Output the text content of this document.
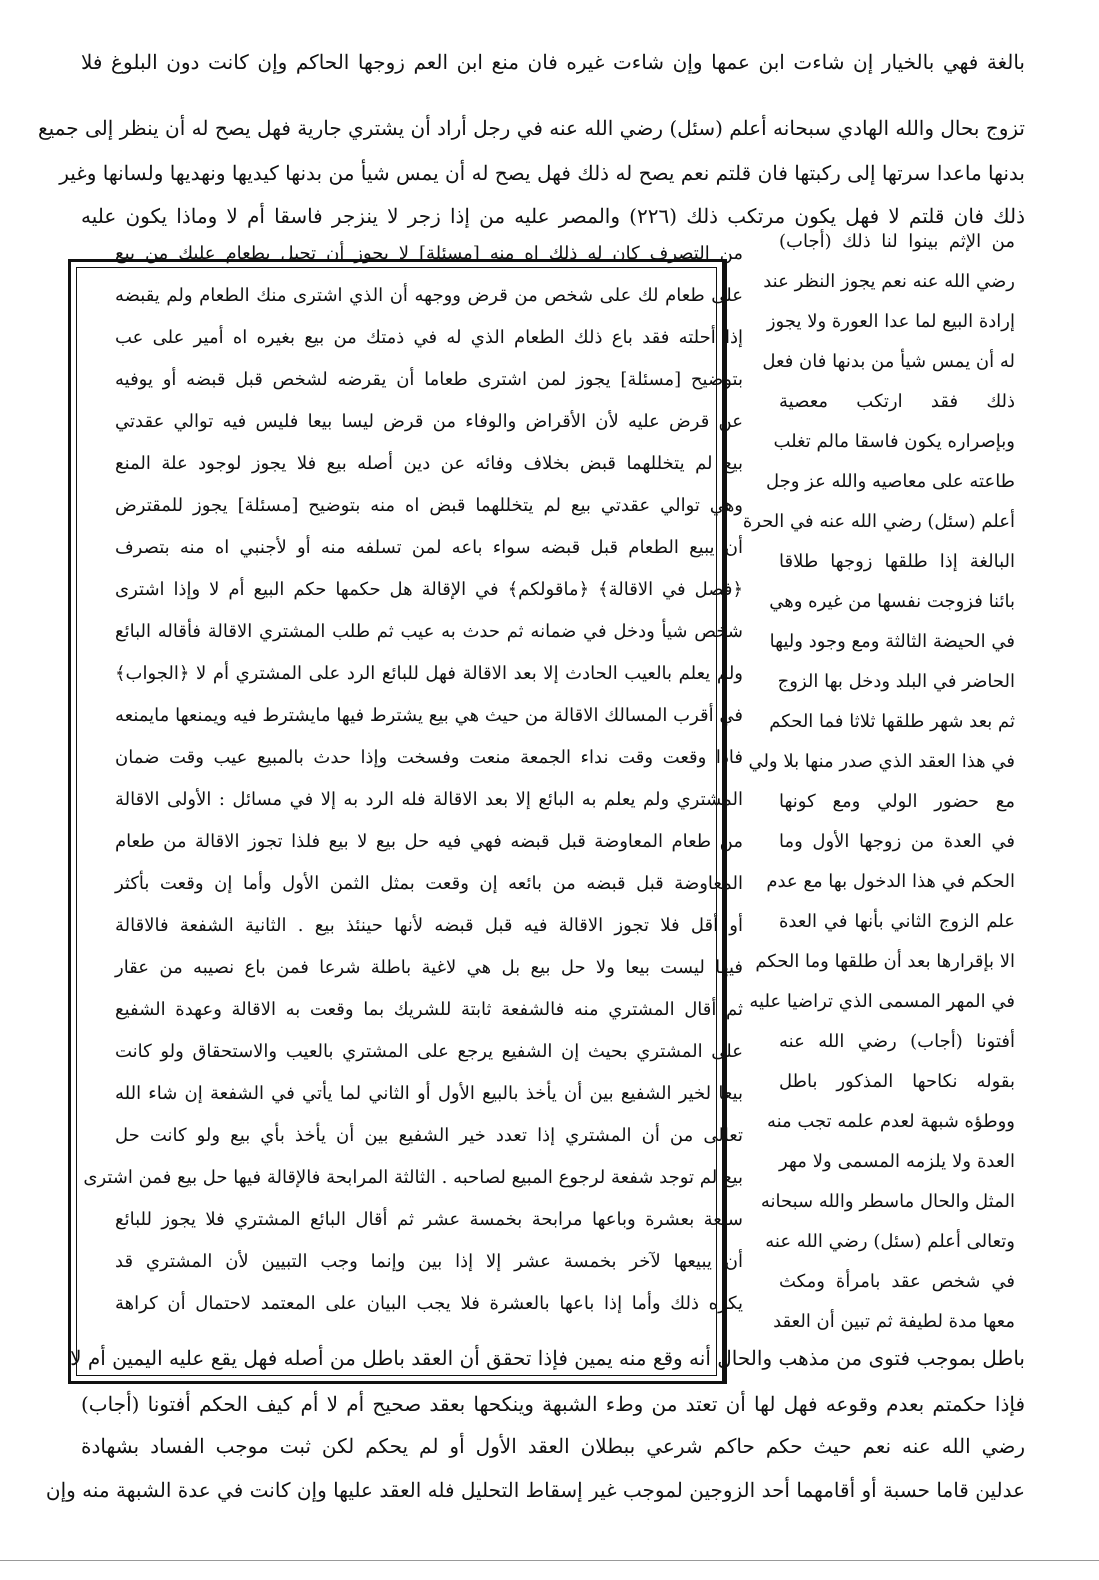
بالغة فهي بالخيار إن شاءت ابن عمها وإن شاءت غيره فان منع ابن العم زوجها الحاكم وإن كانت دون البلوغ فلا
تزوج بحال والله الهادي سبحانه أعلم (سئل) رضي الله عنه في رجل أراد أن يشتري جارية فهل يصح له أن ينظر إلى جميع
بدنها ماعدا سرتها إلى ركبتها فان قلتم نعم يصح له ذلك فهل يصح له أن يمس شيأ من بدنها كيديها ونهديها ولسانها وغير
ذلك فان قلتم لا فهل يكون مرتكب ذلك (٢٢٦) والمصر عليه من إذا زجر لا ينزجر فاسقا أم لا وماذا يكون عليه
من الإثم بينوا لنا ذلك (أجاب)
رضي الله عنه نعم يجوز النظر عند
إرادة البيع لما عدا العورة ولا يجوز
له أن يمس شيأ من بدنها فان فعل
ذلك فقد ارتكب معصية
وبإصراره يكون فاسقا مالم تغلب
طاعته على معاصيه والله عز وجل
أعلم (سئل) رضي الله عنه في الحرة
البالغة إذا طلقها زوجها طلاقا
بائنا فزوجت نفسها من غيره وهي
في الحيضة الثالثة ومع وجود وليها
الحاضر في البلد ودخل بها الزوج
ثم بعد شهر طلقها ثلاثا فما الحكم
في هذا العقد الذي صدر منها بلا ولي
مع حضور الولي ومع كونها
في العدة من زوجها الأول وما
الحكم في هذا الدخول بها مع عدم
علم الزوج الثاني بأنها في العدة
الا بإقرارها بعد أن طلقها وما الحكم
في المهر المسمى الذي تراضيا عليه
أفتونا (أجاب) رضي الله عنه
بقوله نكاحها المذكور باطل
ووطؤه شبهة لعدم علمه تجب منه
العدة ولا يلزمه المسمى ولا مهر
المثل والحال ماسطر والله سبحانه
وتعالى أعلم (سئل) رضي الله عنه
في شخص عقد بامرأة ومكث
معها مدة لطيفة ثم تبين أن العقد
من التصرف كان له ذلك اه منه [مسئلة] لا يجوز أن تحيل بطعام عليك من بيع
على طعام لك على شخص من قرض ووجهه أن الذي اشترى منك الطعام ولم يقبضه
إذا أحلته فقد باع ذلك الطعام الذي له في ذمتك من بيع بغيره اه أمير على عب
بتوضيح [مسئلة] يجوز لمن اشترى طعاما أن يقرضه لشخص قبل قبضه أو يوفيه
عن قرض عليه لأن الأقراض والوفاء من قرض ليسا بيعا فليس فيه توالي عقدتي
بيع لم يتخللهما قبض بخلاف وفائه عن دين أصله بيع فلا يجوز لوجود علة المنع
وهي توالي عقدتي بيع لم يتخللهما قبض اه منه بتوضيح [مسئلة] يجوز للمقترض
أن يبيع الطعام قبل قبضه سواء باعه لمن تسلفه منه أو لأجنبي اه منه بتصرف
﴿فصل في الاقالة﴾ ﴿ماقولكم﴾ في الإقالة هل حكمها حكم البيع أم لا وإذا اشترى
شخص شيأ ودخل في ضمانه ثم حدث به عيب ثم طلب المشتري الاقالة فأقاله البائع
ولم يعلم بالعيب الحادث إلا بعد الاقالة فهل للبائع الرد على المشتري أم لا ﴿الجواب﴾
في أقرب المسالك الاقالة من حيث هي بيع يشترط فيها مايشترط فيه ويمنعها مايمنعه
فاذا وقعت وقت نداء الجمعة منعت وفسخت وإذا حدث بالمبيع عيب وقت ضمان
المشتري ولم يعلم به البائع إلا بعد الاقالة فله الرد به إلا في مسائل : الأولى الاقالة
من طعام المعاوضة قبل قبضه فهي فيه حل بيع لا بيع فلذا تجوز الاقالة من طعام
المعاوضة قبل قبضه من بائعه إن وقعت بمثل الثمن الأول وأما إن وقعت بأكثر
أو أقل فلا تجوز الاقالة فيه قبل قبضه لأنها حينئذ بيع . الثانية الشفعة فالاقالة
فيها ليست بيعا ولا حل بيع بل هي لاغية باطلة شرعا فمن باع نصيبه من عقار
ثم أقال المشتري منه فالشفعة ثابتة للشريك بما وقعت به الاقالة وعهدة الشفيع
على المشتري بحيث إن الشفيع يرجع على المشتري بالعيب والاستحقاق ولو كانت
بيعا لخير الشفيع بين أن يأخذ بالبيع الأول أو الثاني لما يأتي في الشفعة إن شاء الله
تعالى من أن المشتري إذا تعدد خير الشفيع بين أن يأخذ بأي بيع ولو كانت حل
بيع لم توجد شفعة لرجوع المبيع لصاحبه . الثالثة المرابحة فالإقالة فيها حل بيع فمن اشترى
سلعة بعشرة وباعها مرابحة بخمسة عشر ثم أقال البائع المشتري فلا يجوز للبائع
أن يبيعها لآخر بخمسة عشر إلا إذا بين وإنما وجب التبيين لأن المشتري قد
يكره ذلك وأما إذا باعها بالعشرة فلا يجب البيان على المعتمد لاحتمال أن كراهة
باطل بموجب فتوى من مذهب والحال أنه وقع منه يمين فإذا تحقق أن العقد باطل من أصله فهل يقع عليه اليمين أم لا
فإذا حكمتم بعدم وقوعه فهل لها أن تعتد من وطء الشبهة وينكحها بعقد صحيح أم لا أم كيف الحكم أفتونا (أجاب)
رضي الله عنه نعم حيث حكم حاكم شرعي ببطلان العقد الأول أو لم يحكم لكن ثبت موجب الفساد بشهادة
عدلين قاما حسبة أو أقامهما أحد الزوجين لموجب غير إسقاط التحليل فله العقد عليها وإن كانت في عدة الشبهة منه وإن
